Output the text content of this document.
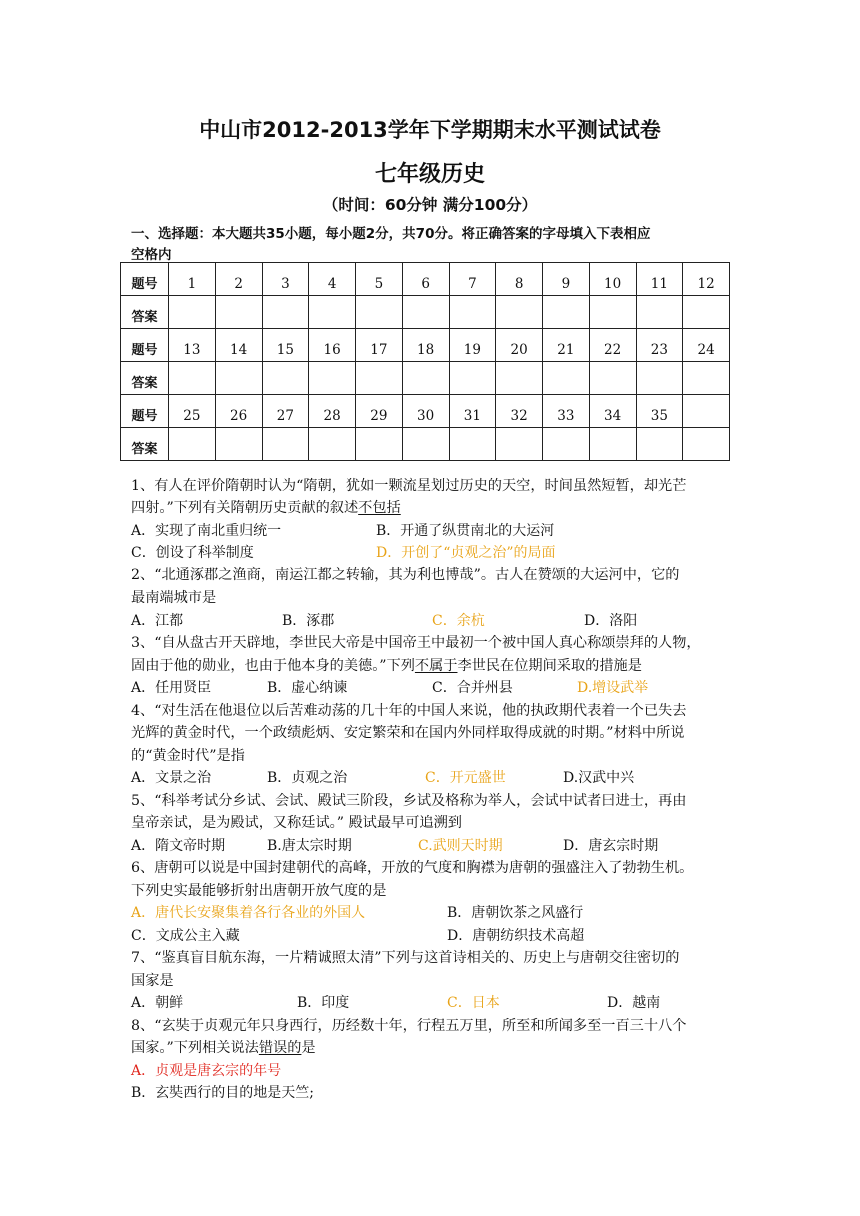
中山市2012-2013学年下学期期末水平测试试卷
七年级历史
（时间：60分钟 满分100分）
一、选择题：本大题共35小题，每小题2分，共70分。将正确答案的字母填入下表相应
空格内
题号	1	2	3	4	5	6	7	8	9	10	11	12
答案												
题号	13	14	15	16	17	18	19	20	21	22	23	24
答案												
题号	25	26	27	28	29	30	31	32	33	34	35	
答案												
1、有人在评价隋朝时认为“隋朝，犹如一颗流星划过历史的天空，时间虽然短暂，却光芒
四射。”下列有关隋朝历史贡献的叙述不包括
A．实现了南北重归统一	B．开通了纵贯南北的大运河
C．创设了科举制度	D．开创了“贞观之治”的局面
2、“北通涿郡之渔商，南运江都之转输，其为利也博哉”。古人在赞颂的大运河中，它的
最南端城市是
A．江都	B．涿郡	C．余杭	D．洛阳
3、“自从盘古开天辟地，李世民大帝是中国帝王中最初一个被中国人真心称颂崇拜的人物，
固由于他的勋业，也由于他本身的美德。”下列不属于李世民在位期间采取的措施是
A．任用贤臣	B．虚心纳谏	C．合并州县	D.增设武举
4、“对生活在他退位以后苦难动荡的几十年的中国人来说，他的执政期代表着一个已失去
光辉的黄金时代，一个政绩彪炳、安定繁荣和在国内外同样取得成就的时期。”材料中所说
的“黄金时代”是指
A．文景之治	B．贞观之治	C．开元盛世	D.汉武中兴
5、“科举考试分乡试、会试、殿试三阶段，乡试及格称为举人，会试中试者曰进士，再由
皇帝亲试，是为殿试，又称廷试。” 殿试最早可追溯到
A．隋文帝时期	B.唐太宗时期	C.武则天时期	D．唐玄宗时期
6、唐朝可以说是中国封建朝代的高峰，开放的气度和胸襟为唐朝的强盛注入了勃勃生机。
下列史实最能够折射出唐朝开放气度的是
A．唐代长安聚集着各行各业的外国人	B．唐朝饮茶之风盛行
C．文成公主入藏	D．唐朝纺织技术高超
7、“鉴真盲目航东海，一片精诚照太清”下列与这首诗相关的、历史上与唐朝交往密切的
国家是
A．朝鲜	B．印度	C．日本	D．越南
8、“玄奘于贞观元年只身西行，历经数十年，行程五万里，所至和所闻多至一百三十八个
国家。”下列相关说法错误的是
A．贞观是唐玄宗的年号
B．玄奘西行的目的地是天竺;
